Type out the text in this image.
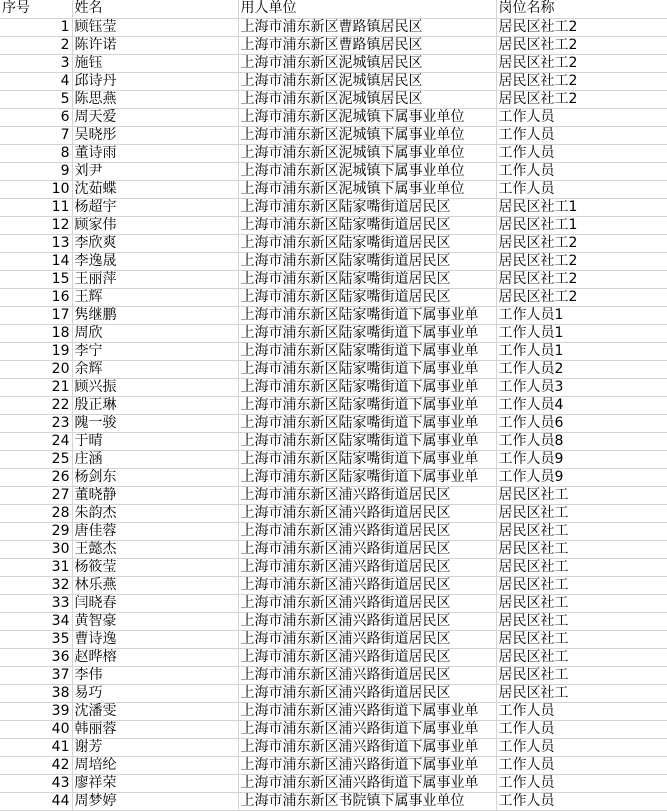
序号	姓名	用人单位	岗位名称
1	顾钰莹	上海市浦东新区曹路镇居民区	居民区社工2
2	陈许诺	上海市浦东新区曹路镇居民区	居民区社工2
3	施钰	上海市浦东新区泥城镇居民区	居民区社工2
4	邱诗丹	上海市浦东新区泥城镇居民区	居民区社工2
5	陈思燕	上海市浦东新区泥城镇居民区	居民区社工2
6	周天爱	上海市浦东新区泥城镇下属事业单位	工作人员
7	吴晓彤	上海市浦东新区泥城镇下属事业单位	工作人员
8	董诗雨	上海市浦东新区泥城镇下属事业单位	工作人员
9	刘尹	上海市浦东新区泥城镇下属事业单位	工作人员
10	沈茹蝶	上海市浦东新区泥城镇下属事业单位	工作人员
11	杨超宇	上海市浦东新区陆家嘴街道居民区	居民区社工1
12	顾家伟	上海市浦东新区陆家嘴街道居民区	居民区社工1
13	李欣爽	上海市浦东新区陆家嘴街道居民区	居民区社工2
14	李逸晟	上海市浦东新区陆家嘴街道居民区	居民区社工2
15	王丽萍	上海市浦东新区陆家嘴街道居民区	居民区社工2
16	王辉	上海市浦东新区陆家嘴街道居民区	居民区社工2
17	隽继鹏	上海市浦东新区陆家嘴街道下属事业单	工作人员1
18	周欣	上海市浦东新区陆家嘴街道下属事业单	工作人员1
19	李宁	上海市浦东新区陆家嘴街道下属事业单	工作人员1
20	余辉	上海市浦东新区陆家嘴街道下属事业单	工作人员2
21	顾兴振	上海市浦东新区陆家嘴街道下属事业单	工作人员3
22	殷正琳	上海市浦东新区陆家嘴街道下属事业单	工作人员4
23	隗一骏	上海市浦东新区陆家嘴街道下属事业单	工作人员6
24	于晴	上海市浦东新区陆家嘴街道下属事业单	工作人员8
25	庄涵	上海市浦东新区陆家嘴街道下属事业单	工作人员9
26	杨剑东	上海市浦东新区陆家嘴街道下属事业单	工作人员9
27	董晓静	上海市浦东新区浦兴路街道居民区	居民区社工
28	朱韵杰	上海市浦东新区浦兴路街道居民区	居民区社工
29	唐佳蓉	上海市浦东新区浦兴路街道居民区	居民区社工
30	王懿杰	上海市浦东新区浦兴路街道居民区	居民区社工
31	杨筱莹	上海市浦东新区浦兴路街道居民区	居民区社工
32	林乐燕	上海市浦东新区浦兴路街道居民区	居民区社工
33	闫晓春	上海市浦东新区浦兴路街道居民区	居民区社工
34	黄智豪	上海市浦东新区浦兴路街道居民区	居民区社工
35	曹诗逸	上海市浦东新区浦兴路街道居民区	居民区社工
36	赵晔榕	上海市浦东新区浦兴路街道居民区	居民区社工
37	李伟	上海市浦东新区浦兴路街道居民区	居民区社工
38	易巧	上海市浦东新区浦兴路街道居民区	居民区社工
39	沈潘雯	上海市浦东新区浦兴路街道下属事业单	工作人员
40	韩丽蓉	上海市浦东新区浦兴路街道下属事业单	工作人员
41	谢芳	上海市浦东新区浦兴路街道下属事业单	工作人员
42	周培纶	上海市浦东新区浦兴路街道下属事业单	工作人员
43	廖祥荣	上海市浦东新区浦兴路街道下属事业单	工作人员
44	周梦婷	上海市浦东新区书院镇下属事业单位	工作人员
